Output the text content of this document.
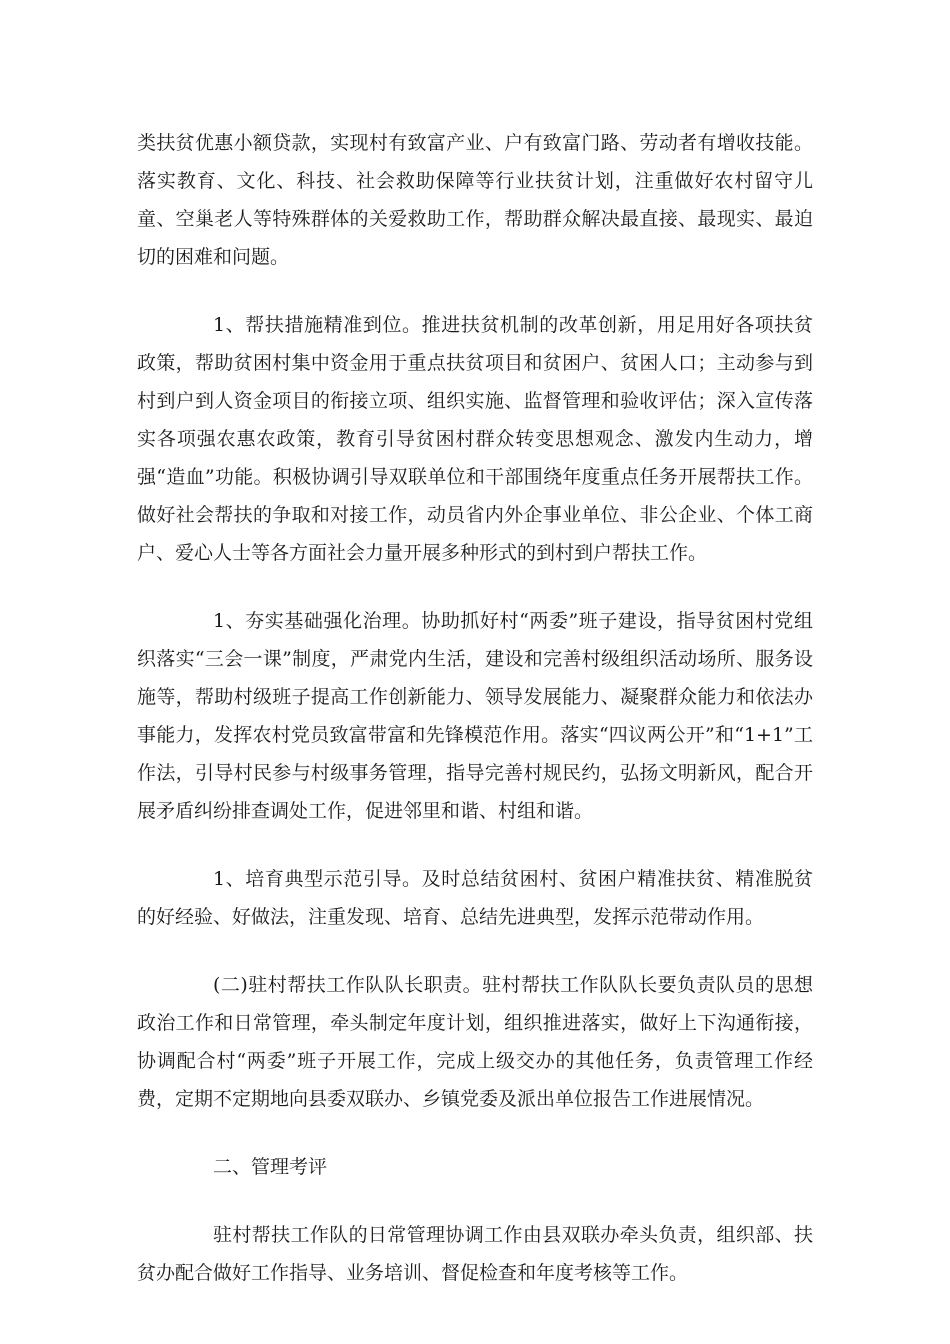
类扶贫优惠小额贷款，实现村有致富产业、户有致富门路、劳动者有增收技能。落实教育、文化、科技、社会救助保障等行业扶贫计划，注重做好农村留守儿童、空巢老人等特殊群体的关爱救助工作，帮助群众解决最直接、最现实、最迫切的困难和问题。

1、帮扶措施精准到位。推进扶贫机制的改革创新，用足用好各项扶贫政策，帮助贫困村集中资金用于重点扶贫项目和贫困户、贫困人口；主动参与到村到户到人资金项目的衔接立项、组织实施、监督管理和验收评估；深入宣传落实各项强农惠农政策，教育引导贫困村群众转变思想观念、激发内生动力，增强“造血”功能。积极协调引导双联单位和干部围绕年度重点任务开展帮扶工作。做好社会帮扶的争取和对接工作，动员省内外企事业单位、非公企业、个体工商户、爱心人士等各方面社会力量开展多种形式的到村到户帮扶工作。

1、夯实基础强化治理。协助抓好村“两委”班子建设，指导贫困村党组织落实“三会一课”制度，严肃党内生活，建设和完善村级组织活动场所、服务设施等，帮助村级班子提高工作创新能力、领导发展能力、凝聚群众能力和依法办事能力，发挥农村党员致富带富和先锋模范作用。落实“四议两公开”和“1+1”工作法，引导村民参与村级事务管理，指导完善村规民约，弘扬文明新风，配合开展矛盾纠纷排查调处工作，促进邻里和谐、村组和谐。

1、培育典型示范引导。及时总结贫困村、贫困户精准扶贫、精准脱贫的好经验、好做法，注重发现、培育、总结先进典型，发挥示范带动作用。

(二)驻村帮扶工作队队长职责。驻村帮扶工作队队长要负责队员的思想政治工作和日常管理，牵头制定年度计划，组织推进落实，做好上下沟通衔接，协调配合村“两委”班子开展工作，完成上级交办的其他任务，负责管理工作经费，定期不定期地向县委双联办、乡镇党委及派出单位报告工作进展情况。

二、管理考评

驻村帮扶工作队的日常管理协调工作由县双联办牵头负责，组织部、扶贫办配合做好工作指导、业务培训、督促检查和年度考核等工作。
